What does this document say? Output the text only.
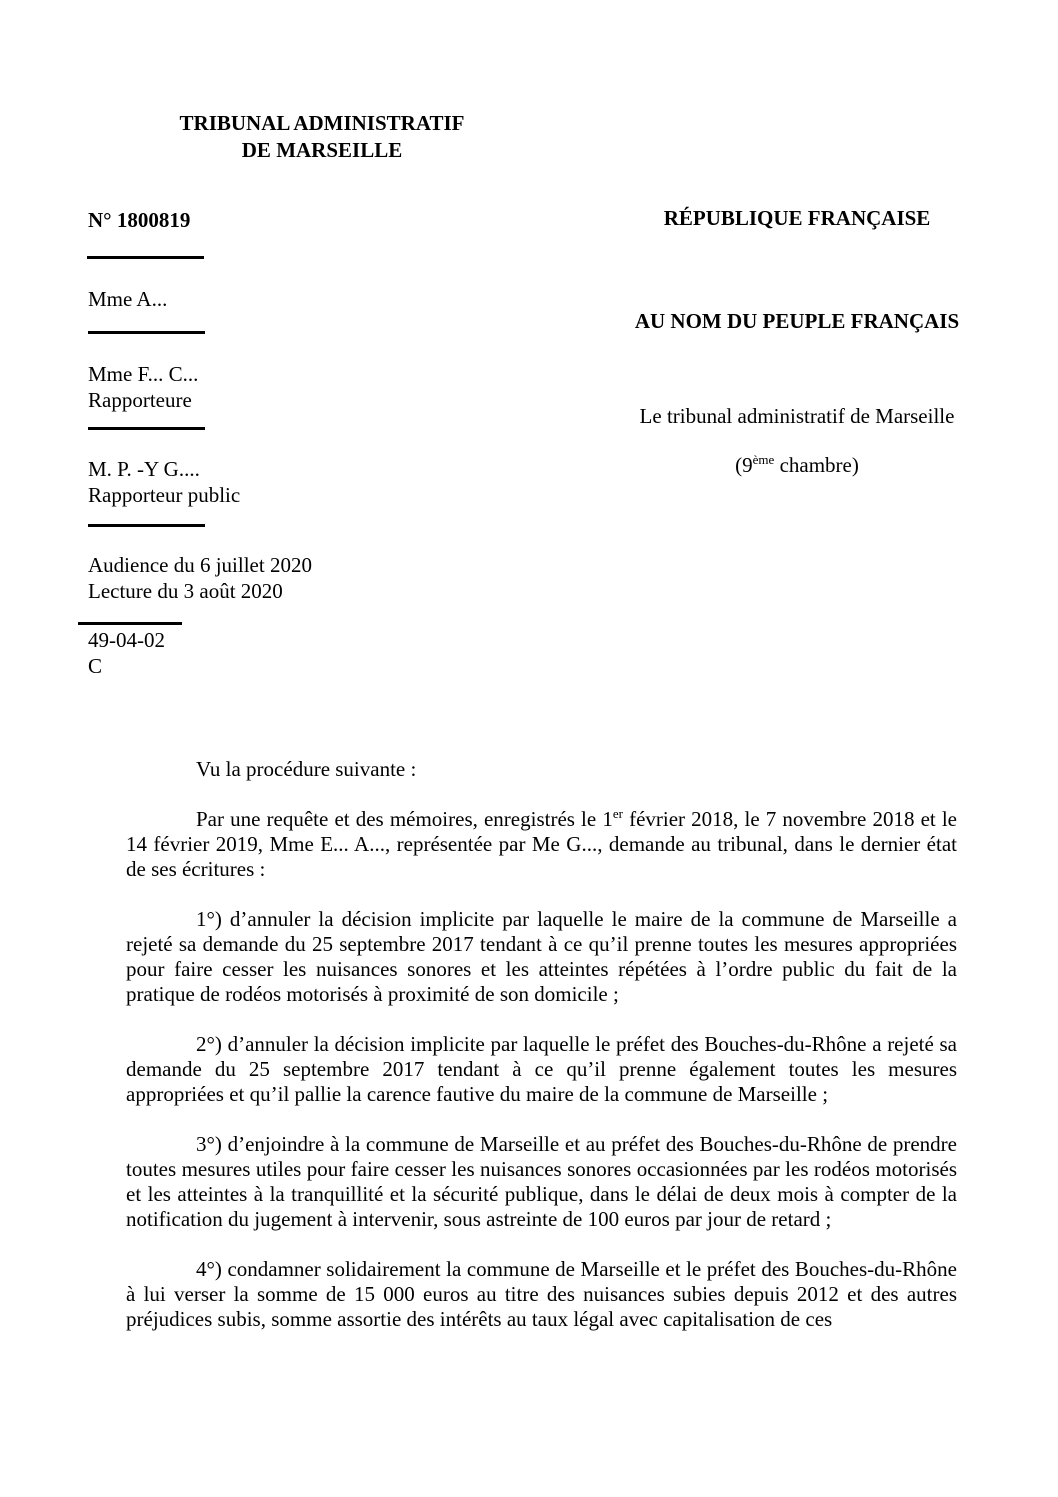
TRIBUNAL ADMINISTRATIF
DE MARSEILLE
N° 1800819
Mme A...
Mme F... C...
Rapporteure
M. P. -Y G....
Rapporteur public
Audience du 6 juillet 2020
Lecture du 3 août 2020
49-04-02
C
RÉPUBLIQUE FRANÇAISE
AU NOM DU PEUPLE FRANÇAIS
Le tribunal administratif de Marseille
(9ème chambre)

Vu la procédure suivante :

Par une requête et des mémoires, enregistrés le 1er février 2018, le 7 novembre 2018 et le 14 février 2019, Mme E... A..., représentée par Me G..., demande au tribunal, dans le dernier état de ses écritures :

1°) d’annuler la décision implicite par laquelle le maire de la commune de Marseille a rejeté sa demande du 25 septembre 2017 tendant à ce qu’il prenne toutes les mesures appropriées pour faire cesser les nuisances sonores et les atteintes répétées à l’ordre public du fait de la pratique de rodéos motorisés à proximité de son domicile ;

2°) d’annuler la décision implicite par laquelle le préfet des Bouches-du-Rhône a rejeté sa demande du 25 septembre 2017 tendant à ce qu’il prenne également toutes les mesures appropriées et qu’il pallie la carence fautive du maire de la commune de Marseille ;

3°) d’enjoindre à la commune de Marseille et au préfet des Bouches-du-Rhône de prendre toutes mesures utiles pour faire cesser les nuisances sonores occasionnées par les rodéos motorisés et les atteintes à la tranquillité et la sécurité publique, dans le délai de deux mois à compter de la notification du jugement à intervenir, sous astreinte de 100 euros par jour de retard ;

4°) condamner solidairement la commune de Marseille et le préfet des Bouches-du-Rhône à lui verser la somme de 15 000 euros au titre des nuisances subies depuis 2012 et des autres préjudices subis, somme assortie des intérêts au taux légal avec capitalisation de ces
